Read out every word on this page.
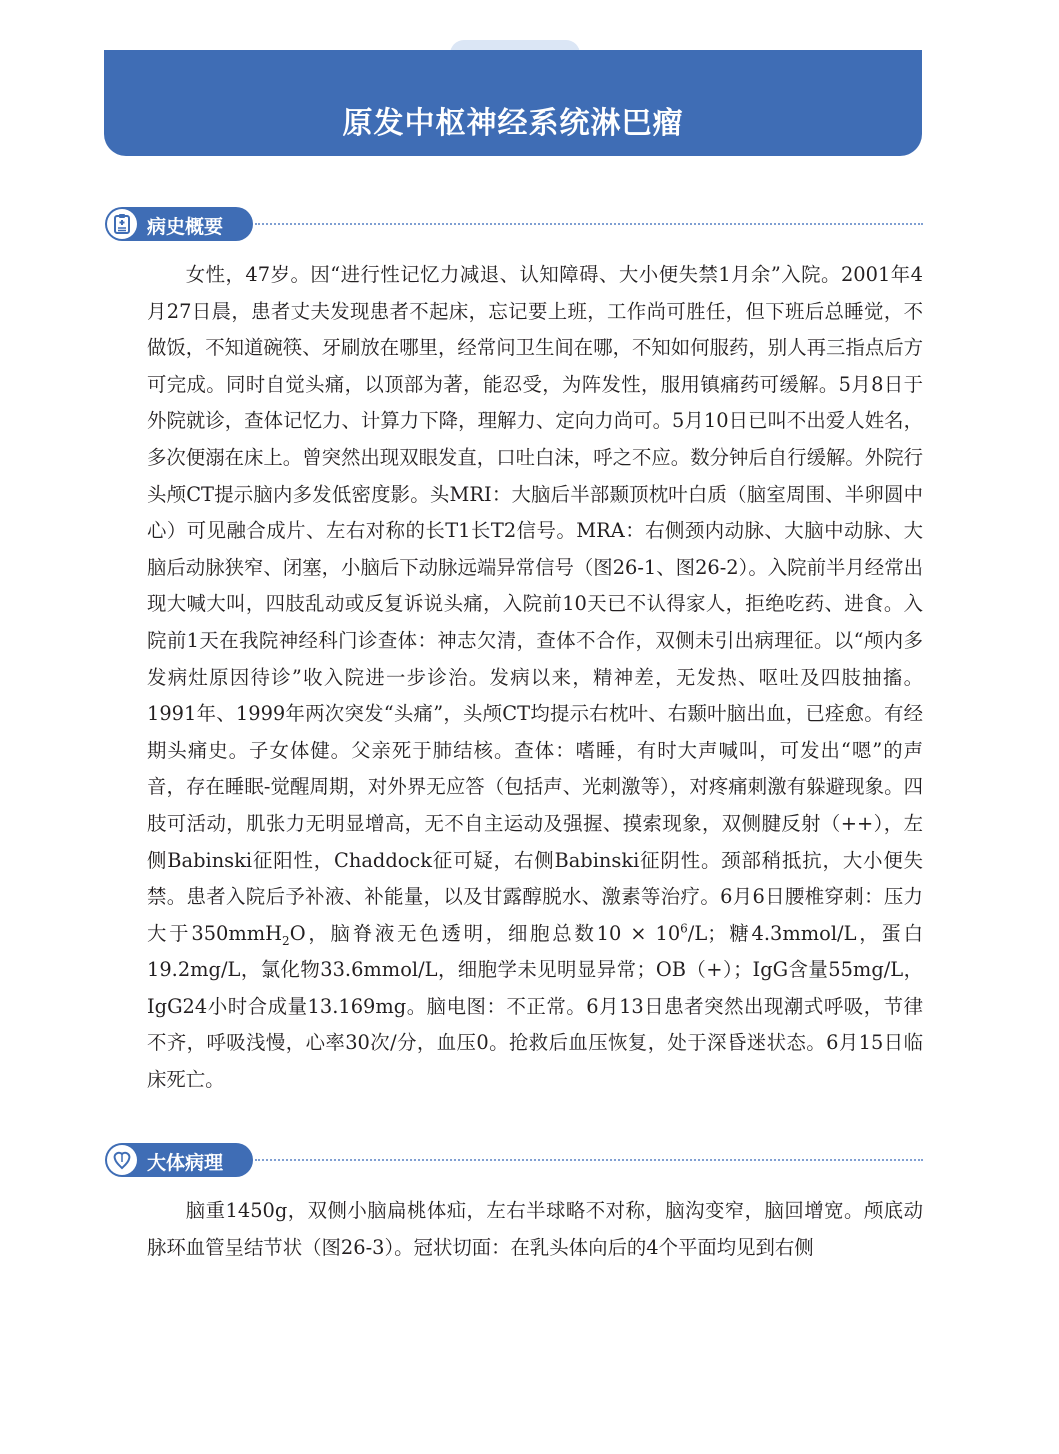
原发中枢神经系统淋巴瘤
病史概要

女性，47岁。因“进行性记忆力减退、认知障碍、大小便失禁1月余”入院。2001年4月27日晨，患者丈夫发现患者不起床，忘记要上班，工作尚可胜任，但下班后总睡觉，不做饭，不知道碗筷、牙刷放在哪里，经常问卫生间在哪，不知如何服药，别人再三指点后方可完成。同时自觉头痛，以顶部为著，能忍受，为阵发性，服用镇痛药可缓解。5月8日于外院就诊，查体记忆力、计算力下降，理解力、定向力尚可。5月10日已叫不出爱人姓名，多次便溺在床上。曾突然出现双眼发直，口吐白沫，呼之不应。数分钟后自行缓解。外院行头颅CT提示脑内多发低密度影。头MRI：大脑后半部颞顶枕叶白质（脑室周围、半卵圆中心）可见融合成片、左右对称的长T1长T2信号。MRA：右侧颈内动脉、大脑中动脉、大脑后动脉狭窄、闭塞，小脑后下动脉远端异常信号（图26-1、图26-2）。入院前半月经常出现大喊大叫，四肢乱动或反复诉说头痛，入院前10天已不认得家人，拒绝吃药、进食。入院前1天在我院神经科门诊查体：神志欠清，查体不合作，双侧未引出病理征。以“颅内多发病灶原因待诊”收入院进一步诊治。发病以来，精神差，无发热、呕吐及四肢抽搐。1991年、1999年两次突发“头痛”，头颅CT均提示右枕叶、右颞叶脑出血，已痊愈。有经期头痛史。子女体健。父亲死于肺结核。查体：嗜睡，有时大声喊叫，可发出“嗯”的声音，存在睡眠-觉醒周期，对外界无应答（包括声、光刺激等），对疼痛刺激有躲避现象。四肢可活动，肌张力无明显增高，无不自主运动及强握、摸索现象，双侧腱反射（++），左侧Babinski征阳性，Chaddock征可疑，右侧Babinski征阴性。颈部稍抵抗，大小便失禁。患者入院后予补液、补能量，以及甘露醇脱水、激素等治疗。6月6日腰椎穿刺：压力大于350mmH$_2$O，脑脊液无色透明，细胞总数$10 \times 10^6/L$；糖4.3mmol/L，蛋白19.2mg/L，氯化物33.6mmol/L，细胞学未见明显异常；OB（+）；IgG含量55mg/L，IgG24小时合成量13.169mg。脑电图：不正常。6月13日患者突然出现潮式呼吸，节律不齐，呼吸浅慢，心率30次/分，血压0。抢救后血压恢复，处于深昏迷状态。6月15日临床死亡。

大体病理

脑重1450g，双侧小脑扁桃体疝，左右半球略不对称，脑沟变窄，脑回增宽。颅底动脉环血管呈结节状（图26-3）。冠状切面：在乳头体向后的4个平面均见到右侧
